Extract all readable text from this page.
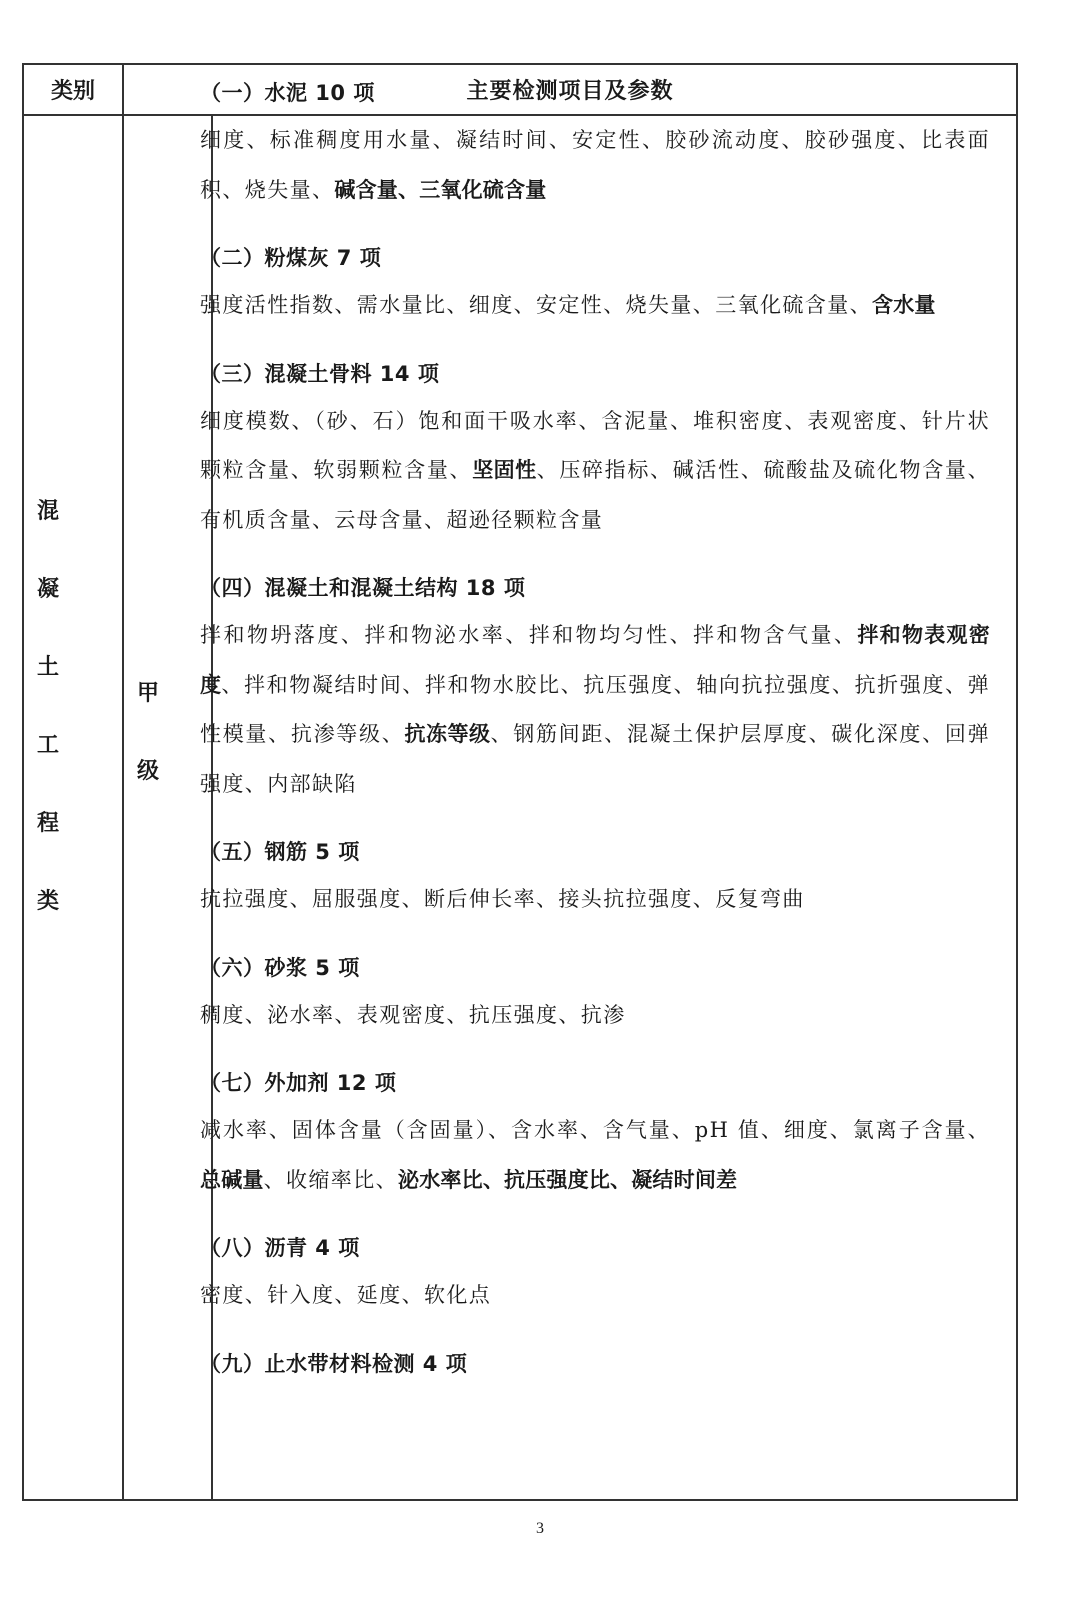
类别	主要检测项目及参数
混
凝
土
工
程
类
甲
级
（一）水泥 10 项
细度、标准稠度用水量、凝结时间、安定性、胶砂流动度、胶砂强度、比表面积、烧失量、碱含量、三氧化硫含量
（二）粉煤灰 7 项
强度活性指数、需水量比、细度、安定性、烧失量、三氧化硫含量、含水量
（三）混凝土骨料 14 项
细度模数、（砂、石）饱和面干吸水率、含泥量、堆积密度、表观密度、针片状颗粒含量、软弱颗粒含量、坚固性、压碎指标、碱活性、硫酸盐及硫化物含量、有机质含量、云母含量、超逊径颗粒含量
（四）混凝土和混凝土结构 18 项
拌和物坍落度、拌和物泌水率、拌和物均匀性、拌和物含气量、拌和物表观密度、拌和物凝结时间、拌和物水胶比、抗压强度、轴向抗拉强度、抗折强度、弹性模量、抗渗等级、抗冻等级、钢筋间距、混凝土保护层厚度、碳化深度、回弹强度、内部缺陷
（五）钢筋 5 项
抗拉强度、屈服强度、断后伸长率、接头抗拉强度、反复弯曲
（六）砂浆 5 项
稠度、泌水率、表观密度、抗压强度、抗渗
（七）外加剂 12 项
减水率、固体含量（含固量）、含水率、含气量、pH 值、细度、氯离子含量、总碱量、收缩率比、泌水率比、抗压强度比、凝结时间差
（八）沥青 4 项
密度、针入度、延度、软化点
（九）止水带材料检测 4 项
3
